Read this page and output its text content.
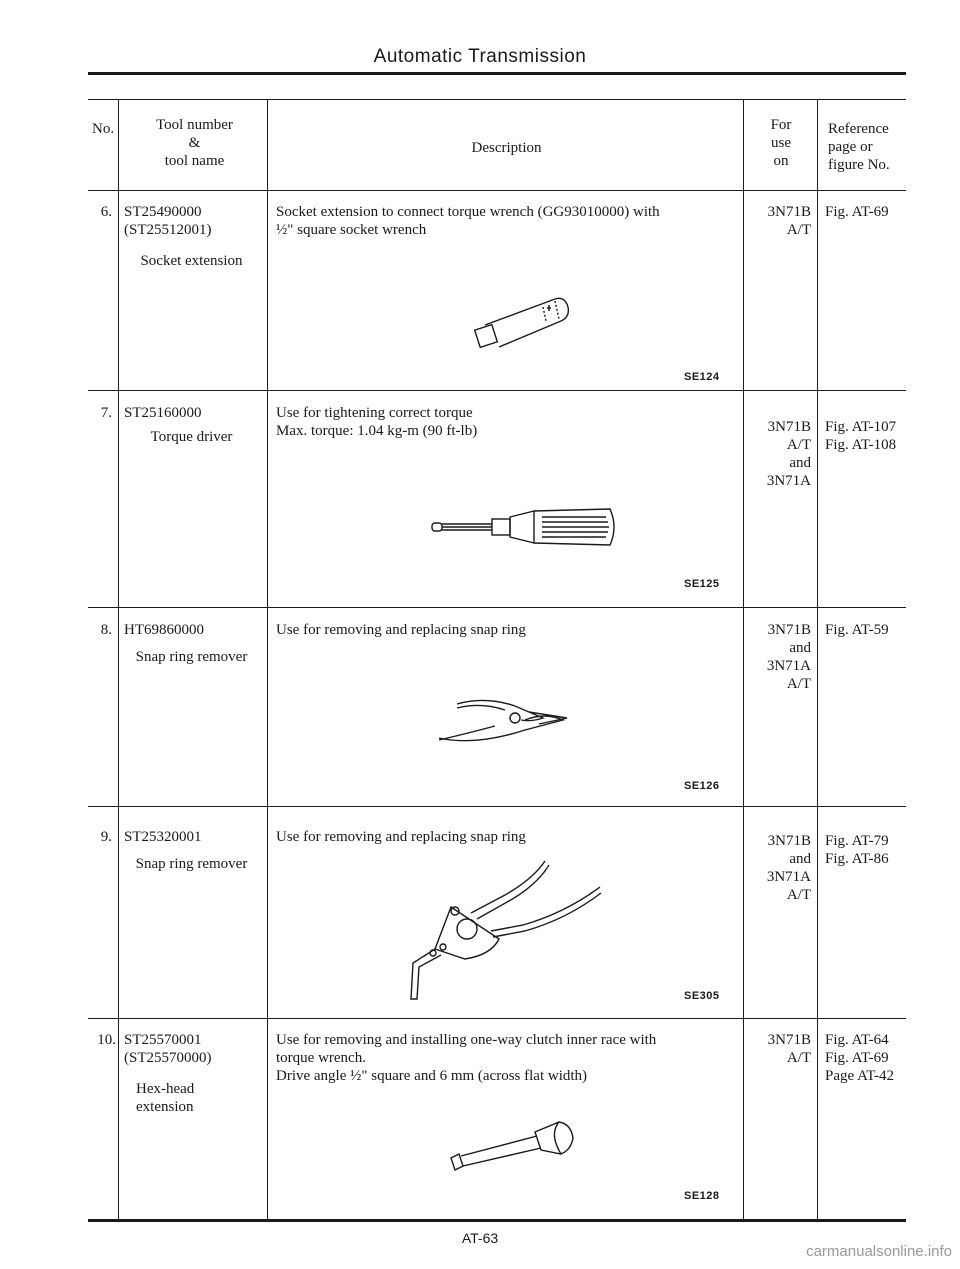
Automatic Transmission
No.	Tool number
&
tool name
Description
For
use
on
Reference
page or
figure No.
6. ST25490000
(ST25512001)
Socket extension
Socket extension to connect torque wrench (GG93010000) with
½" square socket wrench
SE124
3N71B
A/T
Fig. AT-69
7. ST25160000
Torque driver
Use for tightening correct torque
Max. torque: 1.04 kg-m (90 ft-lb)
SE125
3N71B
A/T
and
3N71A
Fig. AT-107
Fig. AT-108
8. HT69860000
Snap ring remover
Use for removing and replacing snap ring
SE126
3N71B
and
3N71A
A/T
Fig. AT-59
9. ST25320001
Snap ring remover
Use for removing and replacing snap ring
SE305
3N71B
and
3N71A
A/T
Fig. AT-79
Fig. AT-86
10. ST25570001
(ST25570000)
Hex-head
extension
Use for removing and installing one-way clutch inner race with
torque wrench.
Drive angle ½" square and 6 mm (across flat width)
SE128
3N71B
A/T
Fig. AT-64
Fig. AT-69
Page AT-42
AT-63
carmanualsonline.info
